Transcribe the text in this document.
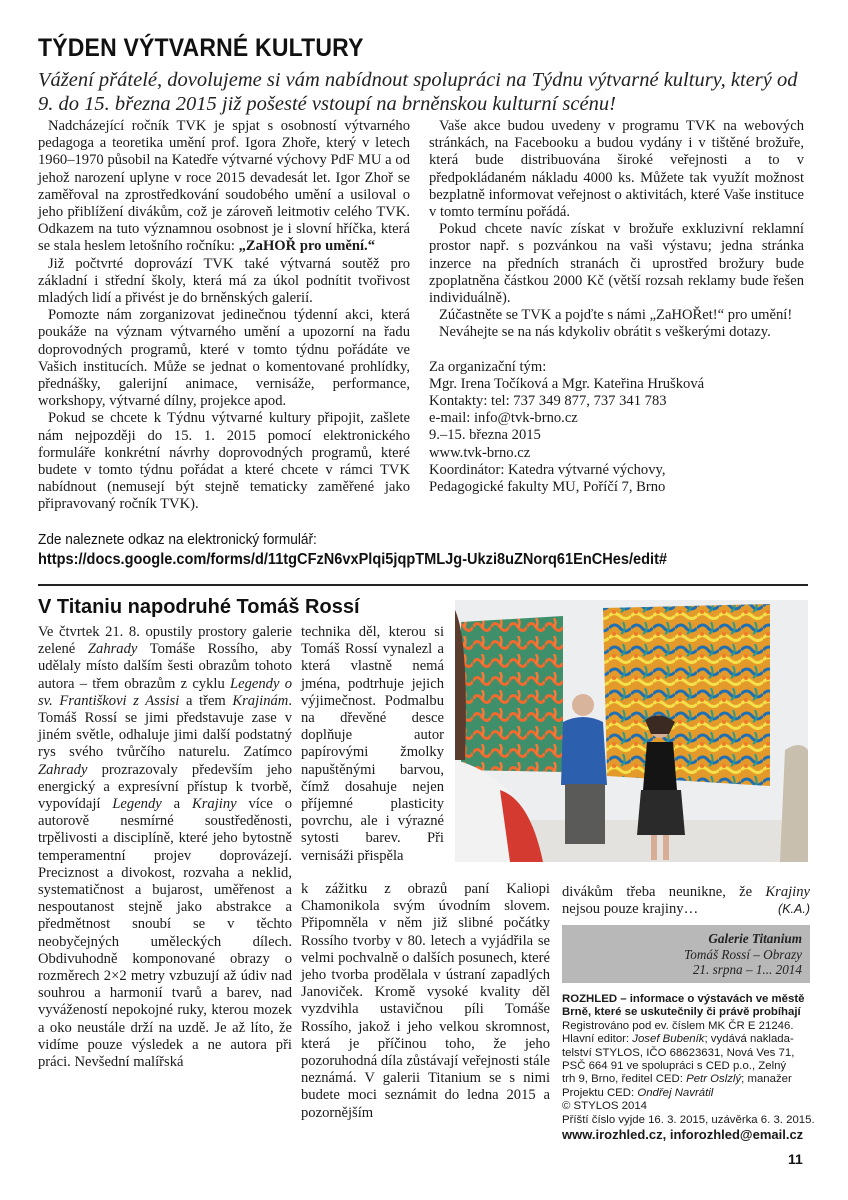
TÝDEN VÝTVARNÉ KULTURY
Vážení přátelé, dovolujeme si vám nabídnout spolupráci na Týdnu výtvarné kultury, který od 9. do 15. března 2015 již pošesté vstoupí na brněnskou kulturní scénu!

Nadcházející ročník TVK je spjat s osobností výtvarného pedagoga a teoretika umění prof. Igora Zhoře, který v letech 1960–1970 působil na Katedře výtvarné výchovy PdF MU a od jehož narození uplyne v roce 2015 devadesát let. Igor Zhoř se zaměřoval na zprostředkování soudobého umění a usiloval o jeho přiblížení divákům, což je zároveň leitmotiv celého TVK. Odkazem na tuto významnou osobnost je i slovní hříčka, která se stala heslem letošního ročníku: „ZaHOŘ pro umění.“

Již počtvrté doprovází TVK také výtvarná soutěž pro základní i střední školy, která má za úkol podnítit tvořivost mladých lidí a přivést je do brněnských galerií.

Pomozte nám zorganizovat jedinečnou týdenní akci, která poukáže na význam výtvarného umění a upozorní na řadu doprovodných programů, které v tomto týdnu pořádáte ve Vašich institucích. Může se jednat o komentované prohlídky, přednášky, galerijní animace, vernisáže, performance, workshopy, výtvarné dílny, projekce apod.

Pokud se chcete k Týdnu výtvarné kultury připojit, zašlete nám nejpozději do 15. 1. 2015 pomocí elektronického formuláře konkrétní návrhy doprovodných programů, které budete v tomto týdnu pořádat a které chcete v rámci TVK nabídnout (nemusejí být stejně tematicky zaměřené jako připravovaný ročník TVK).

Vaše akce budou uvedeny v programu TVK na webových stránkách, na Facebooku a budou vydány i v tištěné brožuře, která bude distribuována široké veřejnosti a to v předpokládaném nákladu 4000 ks. Můžete tak využít možnost bezplatně informovat veřejnost o aktivitách, které Vaše instituce v tomto termínu pořádá.

Pokud chcete navíc získat v brožuře exkluzivní reklamní prostor např. s pozvánkou na vaši výstavu; jedna stránka inzerce na předních stranách či uprostřed brožury bude zpoplatněna částkou 2000 Kč (větší rozsah reklamy bude řešen individuálně).

Zúčastněte se TVK a pojďte s námi „ZaHOŘet!“ pro umění!

Neváhejte se na nás kdykoliv obrátit s veškerými dotazy.

Za organizační tým:
Mgr. Irena Točíková a Mgr. Kateřina Hrušková
Kontakty: tel: 737 349 877, 737 341 783
e-mail: info@tvk-brno.cz
9.–15. března 2015
www.tvk-brno.cz
Koordinátor: Katedra výtvarné výchovy,
Pedagogické fakulty MU, Poříčí 7, Brno
Zde naleznete odkaz na elektronický formulář:
https://docs.google.com/forms/d/11tgCFzN6vxPlqi5jqpTMLJg-Ukzi8uZNorq61EnCHes/edit#
V Titaniu napodruhé Tomáš Rossí

Ve čtvrtek 21. 8. opustily prostory galerie zelené Zahrady Tomáše Rossího, aby udělaly místo dalším šesti obrazům tohoto autora – třem obrazům z cyklu Legendy o sv. Františkovi z Assisi a třem Krajinám. Tomáš Rossí se jimi představuje zase v jiném světle, odhaluje jimi další podstatný rys svého tvůrčího naturelu. Zatímco Zahrady prozrazovaly především jeho energický a expresívní přístup k tvorbě, vypovídají Legendy a Krajiny více o autorově nesmírné soustředěnosti, trpělivosti a disciplíně, které jeho bytostně temperamentní projev doprovázejí. Preciznost a divokost, rozvaha a neklid, systematičnost a bujarost, uměřenost a nespoutanost stejně jako abstrakce a předmětnost snoubí se v těchto neobyčejných uměleckých dílech. Obdivuhodně komponované obrazy o rozměrech 2×2 metry vzbuzují až údiv nad souhrou a harmonií tvarů a barev, nad vyvážeností nepokojné ruky, kterou mozek a oko neustále drží na uzdě. Je až líto, že vidíme pouze výsledek a ne autora při práci. Nevšední malířská

technika děl, kterou si Tomáš Rossí vynalezl a která vlastně nemá jména, podtrhuje jejich výjimečnost. Podmalbu na dřevěné desce doplňuje autor papírovými žmolky napuštěnými barvou, čímž dosahuje nejen příjemné plasticity povrchu, ale i výrazné sytosti barev. Při vernisáži přispěla

k zážitku z obrazů paní Kaliopi Chamonikola svým úvodním slovem. Připomněla v něm již slibné počátky Rossího tvorby v 80. letech a vyjádřila se velmi pochvalně o dalších posunech, které jeho tvorba prodělala v ústraní zapadlých Janoviček. Kromě vysoké kvality děl vyzdvihla ustavičnou píli Tomáše Rossího, jakož i jeho velkou skromnost, která je příčinou toho, že jeho pozoruhodná díla zůstávají veřejnosti stále neznámá. V galerii Titanium se s nimi budete moci seznámit do ledna 2015 a pozornějším

divákům třeba neunikne, že Krajiny nejsou pouze krajiny…	(K.A.)

Galerie Titanium
Tomáš Rossí – Obrazy
21. srpna – 1... 2014
ROZHLED – informace o výstavách ve městě
Brně, které se uskutečnily či právě probíhají
Registrováno pod ev. číslem MK ČR E 21246.
Hlavní editor: Josef Bubeník; vydává naklada-
telství STYLOS, IČO 68623631, Nová Ves 71,
PSČ 664 91 ve spolupráci s CED p.o., Zelný
trh 9, Brno, ředitel CED: Petr Oslzlý; manažer
Projektu CED: Ondřej Navrátil
© STYLOS 2014
Příští číslo vyjde 16. 3. 2015, uzávěrka 6. 3. 2015.
www.irozhled.cz, inforozhled@email.cz
11
